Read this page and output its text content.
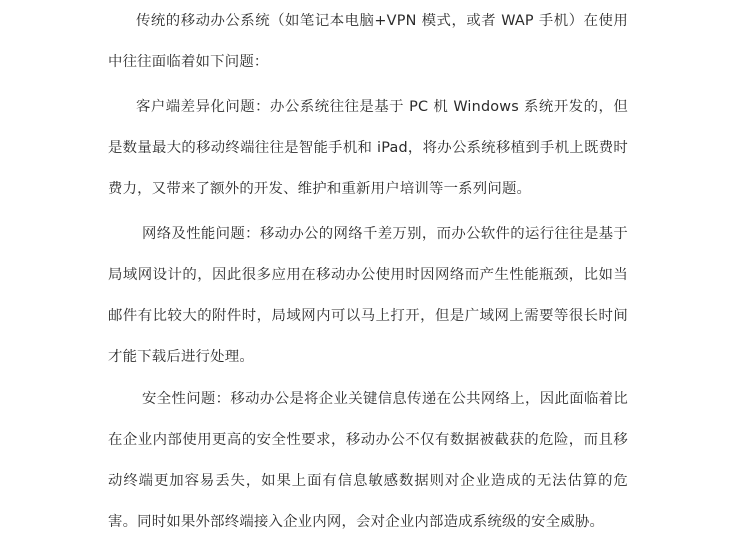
传统的移动办公系统（如笔记本电脑+VPN 模式，或者 WAP 手机）在使用中往往面临着如下问题：

客户端差异化问题：办公系统往往是基于 PC 机 Windows 系统开发的，但是数量最大的移动终端往往是智能手机和 iPad，将办公系统移植到手机上既费时费力，又带来了额外的开发、维护和重新用户培训等一系列问题。

网络及性能问题：移动办公的网络千差万别，而办公软件的运行往往是基于局域网设计的，因此很多应用在移动办公使用时因网络而产生性能瓶颈，比如当邮件有比较大的附件时，局域网内可以马上打开，但是广域网上需要等很长时间才能下载后进行处理。

安全性问题：移动办公是将企业关键信息传递在公共网络上，因此面临着比在企业内部使用更高的安全性要求，移动办公不仅有数据被截获的危险，而且移动终端更加容易丢失，如果上面有信息敏感数据则对企业造成的无法估算的危害。同时如果外部终端接入企业内网，会对企业内部造成系统级的安全威胁。
